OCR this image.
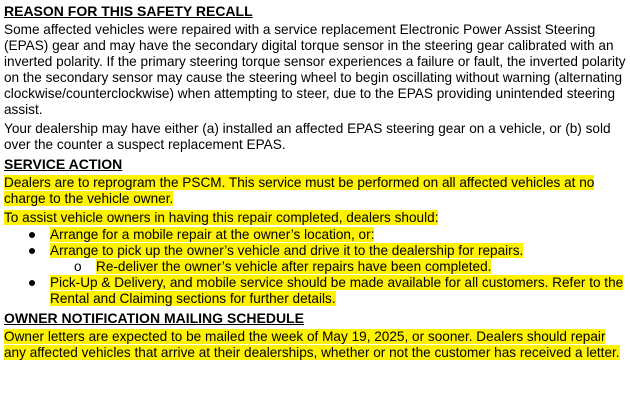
REASON FOR THIS SAFETY RECALL

Some affected vehicles were repaired with a service replacement Electronic Power Assist Steering (EPAS) gear and may have the secondary digital torque sensor in the steering gear calibrated with an inverted polarity. If the primary steering torque sensor experiences a failure or fault, the inverted polarity on the secondary sensor may cause the steering wheel to begin oscillating without warning (alternating clockwise/counterclockwise) when attempting to steer, due to the EPAS providing unintended steering assist.

Your dealership may have either (a) installed an affected EPAS steering gear on a vehicle, or (b) sold over the counter a suspect replacement EPAS.

SERVICE ACTION

Dealers are to reprogram the PSCM. This service must be performed on all affected vehicles at no charge to the vehicle owner.

To assist vehicle owners in having this repair completed, dealers should:

Arrange for a mobile repair at the owner’s location, or:
Arrange to pick up the owner’s vehicle and drive it to the dealership for repairs.
o Re-deliver the owner’s vehicle after repairs have been completed.
Pick-Up & Delivery, and mobile service should be made available for all customers. Refer to the Rental and Claiming sections for further details.
OWNER NOTIFICATION MAILING SCHEDULE

Owner letters are expected to be mailed the week of May 19, 2025, or sooner. Dealers should repair any affected vehicles that arrive at their dealerships, whether or not the customer has received a letter.
